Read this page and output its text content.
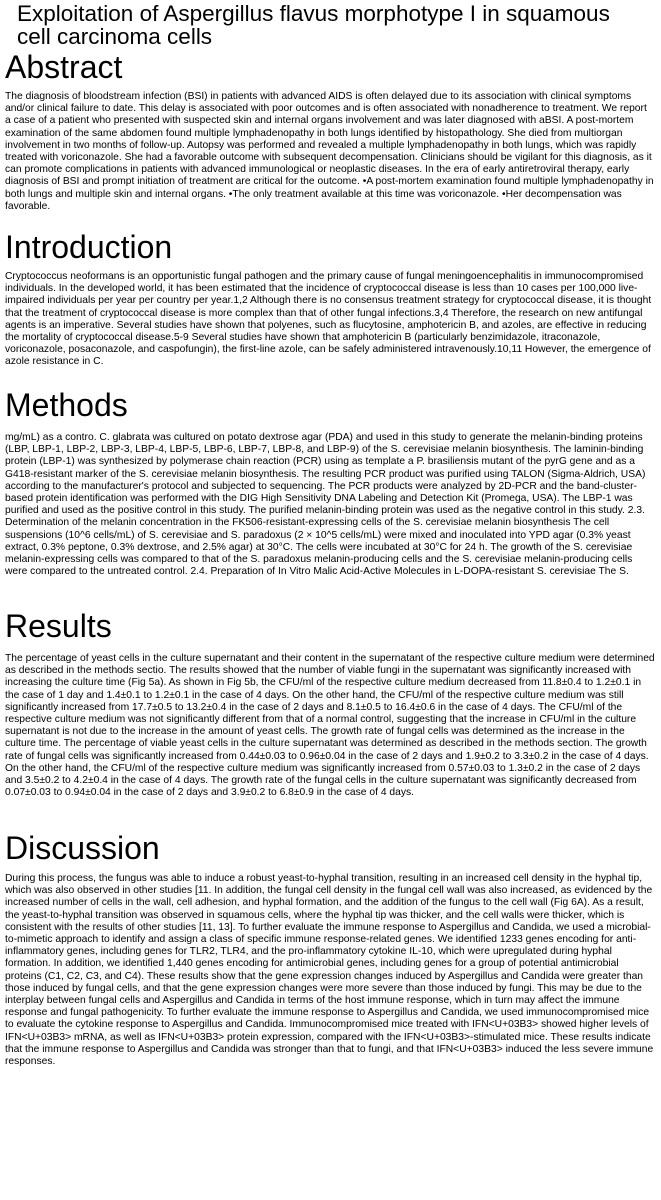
Exploitation of Aspergillus flavus morphotype I in squamous cell carcinoma cells
Abstract

The diagnosis of bloodstream infection (BSI) in patients with advanced AIDS is often delayed due to its association with clinical symptoms and/or clinical failure to date. This delay is associated with poor outcomes and is often associated with nonadherence to treatment. We report a case of a patient who presented with suspected skin and internal organs involvement and was later diagnosed with aBSI. A post-mortem examination of the same abdomen found multiple lymphadenopathy in both lungs identified by histopathology. She died from multiorgan involvement in two months of follow-up. Autopsy was performed and revealed a multiple lymphadenopathy in both lungs, which was rapidly treated with voriconazole. She had a favorable outcome with subsequent decompensation. Clinicians should be vigilant for this diagnosis, as it can promote complications in patients with advanced immunological or neoplastic diseases. In the era of early antiretroviral therapy, early diagnosis of BSI and prompt initiation of treatment are critical for the outcome. •A post-mortem examination found multiple lymphadenopathy in both lungs and multiple skin and internal organs. •The only treatment available at this time was voriconazole. •Her decompensation was favorable.

Introduction

Cryptococcus neoformans is an opportunistic fungal pathogen and the primary cause of fungal meningoencephalitis in immunocompromised individuals. In the developed world, it has been estimated that the incidence of cryptococcal disease is less than 10 cases per 100,000 live-impaired individuals per year per country per year.1,2 Although there is no consensus treatment strategy for cryptococcal disease, it is thought that the treatment of cryptococcal disease is more complex than that of other fungal infections.3,4 Therefore, the research on new antifungal agents is an imperative. Several studies have shown that polyenes, such as flucytosine, amphotericin B, and azoles, are effective in reducing the mortality of cryptococcal disease.5-9 Several studies have shown that amphotericin B (particularly benzimidazole, itraconazole, voriconazole, posaconazole, and caspofungin), the first-line azole, can be safely administered intravenously.10,11 However, the emergence of azole resistance in C.

Methods

mg/mL) as a contro. C. glabrata was cultured on potato dextrose agar (PDA) and used in this study to generate the melanin-binding proteins (LBP, LBP-1, LBP-2, LBP-3, LBP-4, LBP-5, LBP-6, LBP-7, LBP-8, and LBP-9) of the S. cerevisiae melanin biosynthesis. The laminin-binding protein (LBP-1) was synthesized by polymerase chain reaction (PCR) using as template a P. brasiliensis mutant of the pyrG gene and as a G418-resistant marker of the S. cerevisiae melanin biosynthesis. The resulting PCR product was purified using TALON (Sigma-Aldrich, USA) according to the manufacturer's protocol and subjected to sequencing. The PCR products were analyzed by 2D-PCR and the band-cluster-based protein identification was performed with the DIG High Sensitivity DNA Labeling and Detection Kit (Promega, USA). The LBP-1 was purified and used as the positive control in this study. The purified melanin-binding protein was used as the negative control in this study. 2.3. Determination of the melanin concentration in the FK506-resistant-expressing cells of the S. cerevisiae melanin biosynthesis The cell suspensions (10^6 cells/mL) of S. cerevisiae and S. paradoxus (2 × 10^5 cells/mL) were mixed and inoculated into YPD agar (0.3% yeast extract, 0.3% peptone, 0.3% dextrose, and 2.5% agar) at 30°C. The cells were incubated at 30°C for 24 h. The growth of the S. cerevisiae melanin-expressing cells was compared to that of the S. paradoxus melanin-producing cells and the S. cerevisiae melanin-producing cells were compared to the untreated control. 2.4. Preparation of In Vitro Malic Acid-Active Molecules in L-DOPA-resistant S. cerevisiae The S.

Results

The percentage of yeast cells in the culture supernatant and their content in the supernatant of the respective culture medium were determined as described in the methods sectio. The results showed that the number of viable fungi in the supernatant was significantly increased with increasing the culture time (Fig 5a). As shown in Fig 5b, the CFU/ml of the respective culture medium decreased from 11.8±0.4 to 1.2±0.1 in the case of 1 day and 1.4±0.1 to 1.2±0.1 in the case of 4 days. On the other hand, the CFU/ml of the respective culture medium was still significantly increased from 17.7±0.5 to 13.2±0.4 in the case of 2 days and 8.1±0.5 to 16.4±0.6 in the case of 4 days. The CFU/ml of the respective culture medium was not significantly different from that of a normal control, suggesting that the increase in CFU/ml in the culture supernatant is not due to the increase in the amount of yeast cells. The growth rate of fungal cells was determined as the increase in the culture time. The percentage of viable yeast cells in the culture supernatant was determined as described in the methods section. The growth rate of fungal cells was significantly increased from 0.44±0.03 to 0.96±0.04 in the case of 2 days and 1.9±0.2 to 3.3±0.2 in the case of 4 days. On the other hand, the CFU/ml of the respective culture medium was significantly increased from 0.57±0.03 to 1.3±0.2 in the case of 2 days and 3.5±0.2 to 4.2±0.4 in the case of 4 days. The growth rate of the fungal cells in the culture supernatant was significantly decreased from 0.07±0.03 to 0.94±0.04 in the case of 2 days and 3.9±0.2 to 6.8±0.9 in the case of 4 days.

Discussion

During this process, the fungus was able to induce a robust yeast-to-hyphal transition, resulting in an increased cell density in the hyphal tip, which was also observed in other studies [11. In addition, the fungal cell density in the fungal cell wall was also increased, as evidenced by the increased number of cells in the wall, cell adhesion, and hyphal formation, and the addition of the fungus to the cell wall (Fig 6A). As a result, the yeast-to-hyphal transition was observed in squamous cells, where the hyphal tip was thicker, and the cell walls were thicker, which is consistent with the results of other studies [11, 13]. To further evaluate the immune response to Aspergillus and Candida, we used a microbial-to-mimetic approach to identify and assign a class of specific immune response-related genes. We identified 1233 genes encoding for anti-inflammatory genes, including genes for TLR2, TLR4, and the pro-inflammatory cytokine IL-10, which were upregulated during hyphal formation. In addition, we identified 1,440 genes encoding for antimicrobial genes, including genes for a group of potential antimicrobial proteins (C1, C2, C3, and C4). These results show that the gene expression changes induced by Aspergillus and Candida were greater than those induced by fungal cells, and that the gene expression changes were more severe than those induced by fungi. This may be due to the interplay between fungal cells and Aspergillus and Candida in terms of the host immune response, which in turn may affect the immune response and fungal pathogenicity. To further evaluate the immune response to Aspergillus and Candida, we used immunocompromised mice to evaluate the cytokine response to Aspergillus and Candida. Immunocompromised mice treated with IFN<U+03B3> showed higher levels of IFN<U+03B3> mRNA, as well as IFN<U+03B3> protein expression, compared with the IFN<U+03B3>-stimulated mice. These results indicate that the immune response to Aspergillus and Candida was stronger than that to fungi, and that IFN<U+03B3> induced the less severe immune responses.
